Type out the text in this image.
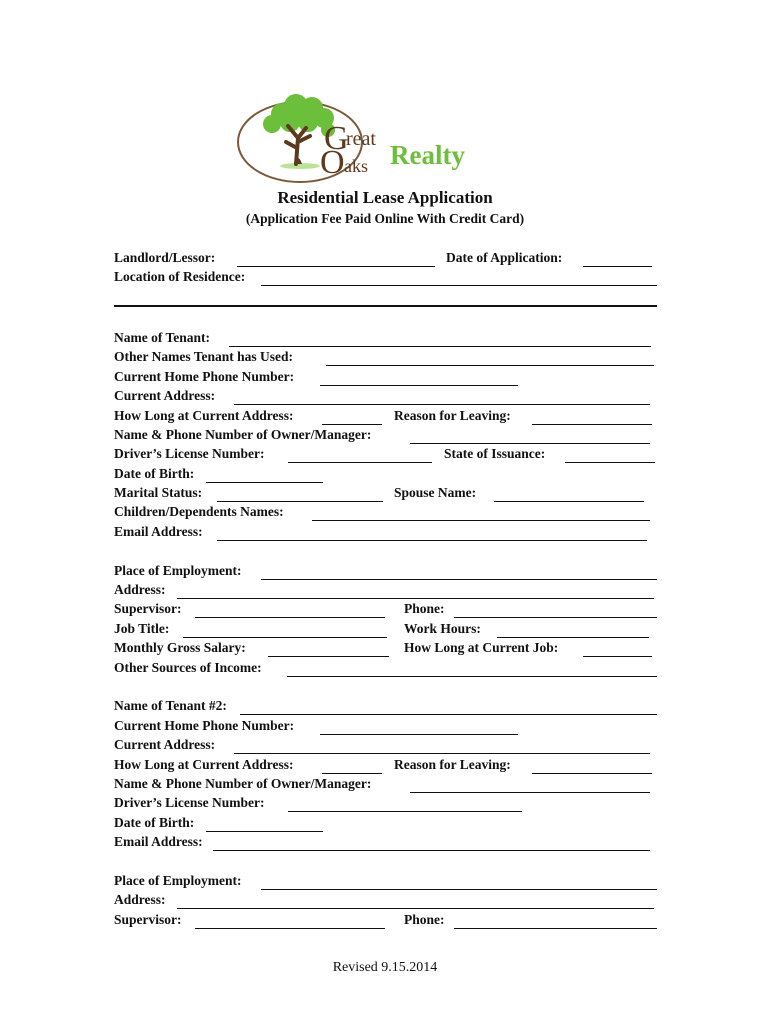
G
reat
O aks Realty
Residential Lease Application
(Application Fee Paid Online With Credit Card)
Landlord/Lessor:	Date of Application:
Location of Residence:
Name of Tenant:
Other Names Tenant has Used:
Current Home Phone Number:
Current Address:
How Long at Current Address:	Reason for Leaving:
Name & Phone Number of Owner/Manager:
Driver’s License Number:	State of Issuance:
Date of Birth:
Marital Status:	Spouse Name:
Children/Dependents Names:
Email Address:
Place of Employment:
Address:
Supervisor:	Phone:
Job Title:	Work Hours:
Monthly Gross Salary:	How Long at Current Job:
Other Sources of Income:
Name of Tenant #2:
Current Home Phone Number:
Current Address:
How Long at Current Address:	Reason for Leaving:
Name & Phone Number of Owner/Manager:
Driver’s License Number:
Date of Birth:
Email Address:
Place of Employment:
Address:
Supervisor:	Phone:
Revised 9.15.2014
